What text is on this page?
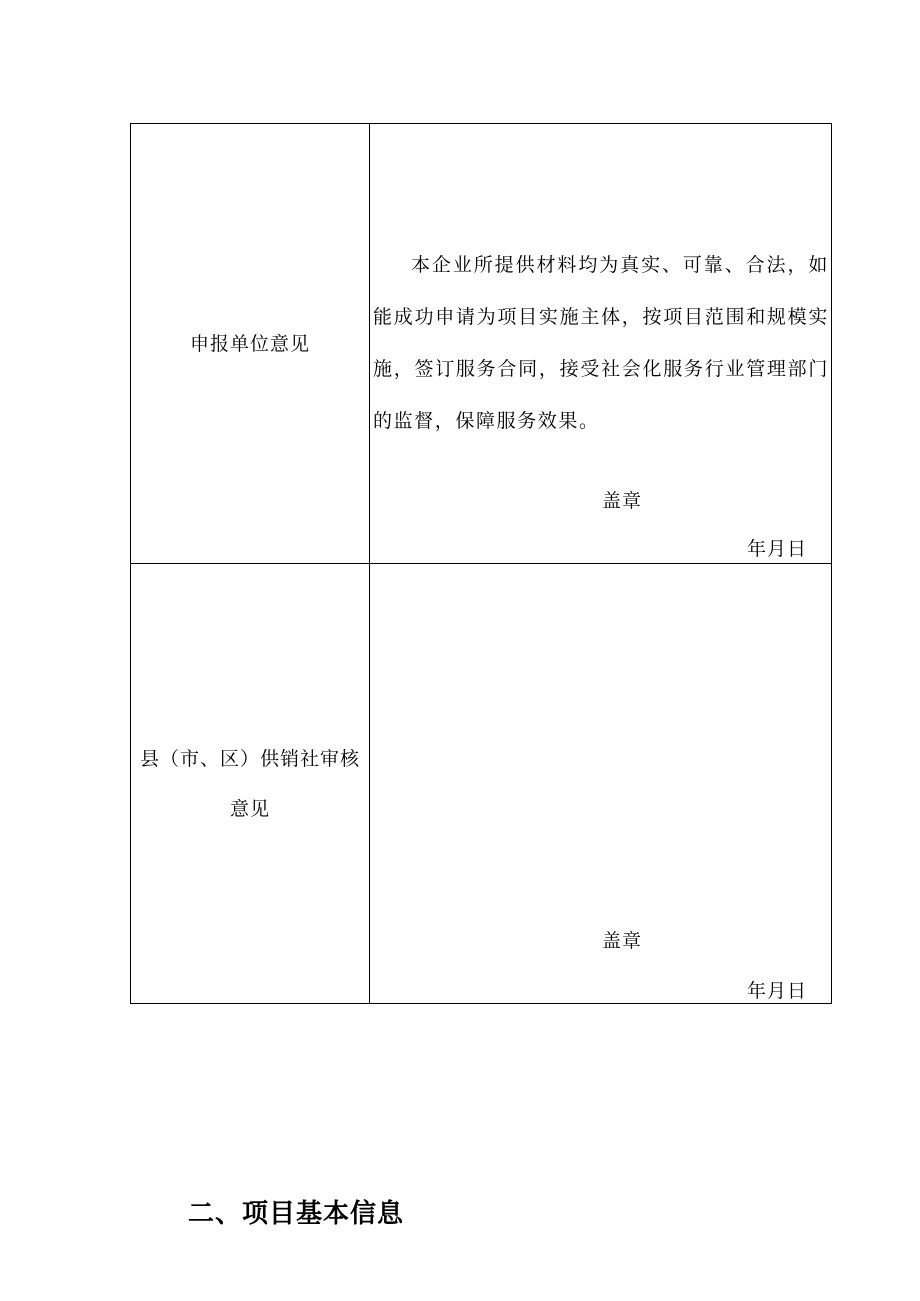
申报单位意见	本企业所提供材料均为真实、可靠、合法，如能成功申请为项目实施主体，按项目范围和规模实施，签订服务合同，接受社会化服务行业管理部门的监督，保障服务效果。

盖章
年月日

县（市、区）供销社审核意见	盖章
年月日
二、项目基本信息
